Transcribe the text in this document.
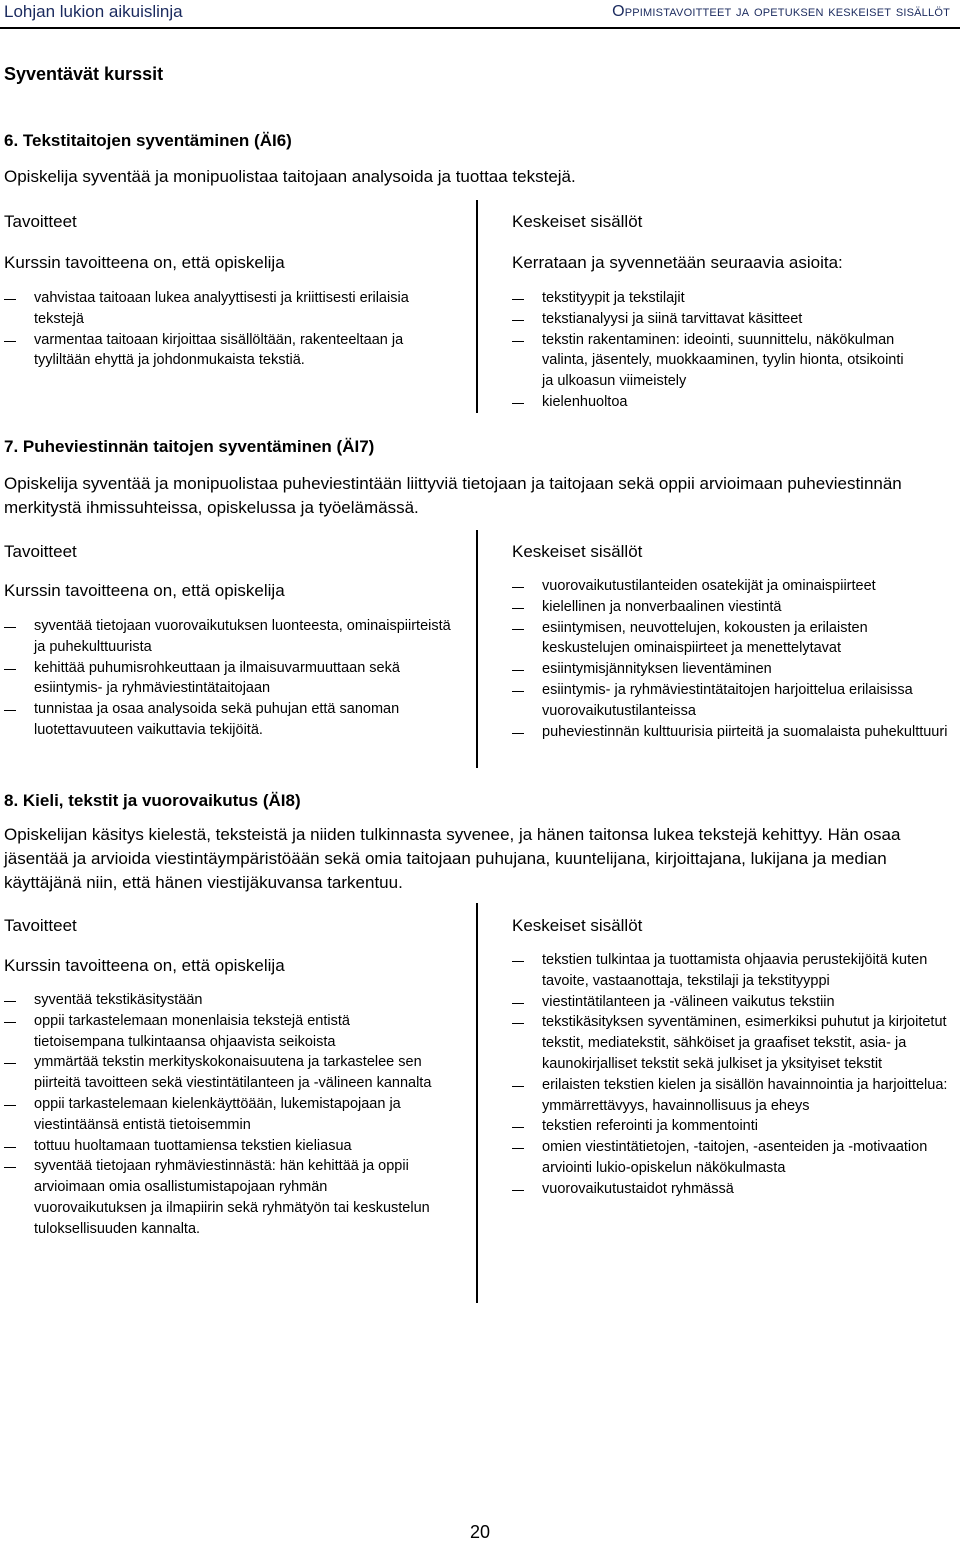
Lohjan lukion aikuislinja	Oppimistavoitteet ja opetuksen keskeiset sisällöt
Syventävät kurssit
6. Tekstitaitojen syventäminen (ÄI6)
Opiskelija syventää ja monipuolistaa taitojaan analysoida ja tuottaa tekstejä.
Tavoitteet
Kurssin tavoitteena on, että opiskelija
vahvistaa taitoaan lukea analyyttisesti ja kriittisesti erilaisia tekstejä
varmentaa taitoaan kirjoittaa sisällöltään, rakenteeltaan ja tyyliltään ehyttä ja johdonmukaista tekstiä.
Keskeiset sisällöt
Kerrataan ja syvennetään seuraavia asioita:
tekstityypit ja tekstilajit
tekstianalyysi ja siinä tarvittavat käsitteet
tekstin rakentaminen: ideointi, suunnittelu, näkökulman valinta, jäsentely, muokkaaminen, tyylin hionta, otsikointi ja ulkoasun viimeistely
kielenhuoltoa
7. Puheviestinnän taitojen syventäminen (ÄI7)
Opiskelija syventää ja monipuolistaa puheviestintään liittyviä tietojaan ja taitojaan sekä oppii arvioimaan puheviestinnän merkitystä ihmissuhteissa, opiskelussa ja työelämässä.
Tavoitteet
Kurssin tavoitteena on, että opiskelija
syventää tietojaan vuorovaikutuksen luonteesta, ominaispiirteistä ja puhekulttuurista
kehittää puhumisrohkeuttaan ja ilmaisuvarmuuttaan sekä esiintymis- ja ryhmäviestintätaitojaan
tunnistaa ja osaa analysoida sekä puhujan että sanoman luotettavuuteen vaikuttavia tekijöitä.
Keskeiset sisällöt
vuorovaikutustilanteiden osatekijät ja ominaispiirteet
kielellinen ja nonverbaalinen viestintä
esiintymisen, neuvottelujen, kokousten ja erilaisten keskustelujen ominaispiirteet ja menettelytavat
esiintymisjännityksen lieventäminen
esiintymis- ja ryhmäviestintätaitojen harjoittelua erilaisissa vuorovaikutustilanteissa
puheviestinnän kulttuurisia piirteitä ja suomalaista puhekulttuuri
8. Kieli, tekstit ja vuorovaikutus (ÄI8)
Opiskelijan käsitys kielestä, teksteistä ja niiden tulkinnasta syvenee, ja hänen taitonsa lukea tekstejä kehittyy. Hän osaa jäsentää ja arvioida viestintäympäristöään sekä omia taitojaan puhujana, kuuntelijana, kirjoittajana, lukijana ja median käyttäjänä niin, että hänen viestijäkuvansa tarkentuu.
Tavoitteet
Kurssin tavoitteena on, että opiskelija
syventää tekstikäsitystään
oppii tarkastelemaan monenlaisia tekstejä entistä tietoisempana tulkintaansa ohjaavista seikoista
ymmärtää tekstin merkityskokonaisuutena ja tarkastelee sen piirteitä tavoitteen sekä viestintätilanteen ja -välineen kannalta
oppii tarkastelemaan kielenkäyttöään, lukemistapojaan ja viestintäänsä entistä tietoisemmin
tottuu huoltamaan tuottamiensa tekstien kieliasua
syventää tietojaan ryhmäviestinnästä: hän kehittää ja oppii arvioimaan omia osallistumistapojaan ryhmän vuorovaikutuksen ja ilmapiirin sekä ryhmätyön tai keskustelun tuloksellisuuden kannalta.
Keskeiset sisällöt
tekstien tulkintaa ja tuottamista ohjaavia perustekijöitä kuten tavoite, vastaanottaja, tekstilaji ja tekstityyppi
viestintätilanteen ja -välineen vaikutus tekstiin
tekstikäsityksen syventäminen, esimerkiksi puhutut ja kirjoitetut tekstit, mediatekstit, sähköiset ja graafiset tekstit, asia- ja kaunokirjalliset tekstit sekä julkiset ja yksityiset tekstit
erilaisten tekstien kielen ja sisällön havainnointia ja harjoittelua: ymmärrettävyys, havainnollisuus ja eheys
tekstien referointi ja kommentointi
omien viestintätietojen, -taitojen, -asenteiden ja -motivaation arviointi lukio-opiskelun näkökulmasta
vuorovaikutustaidot ryhmässä
20
